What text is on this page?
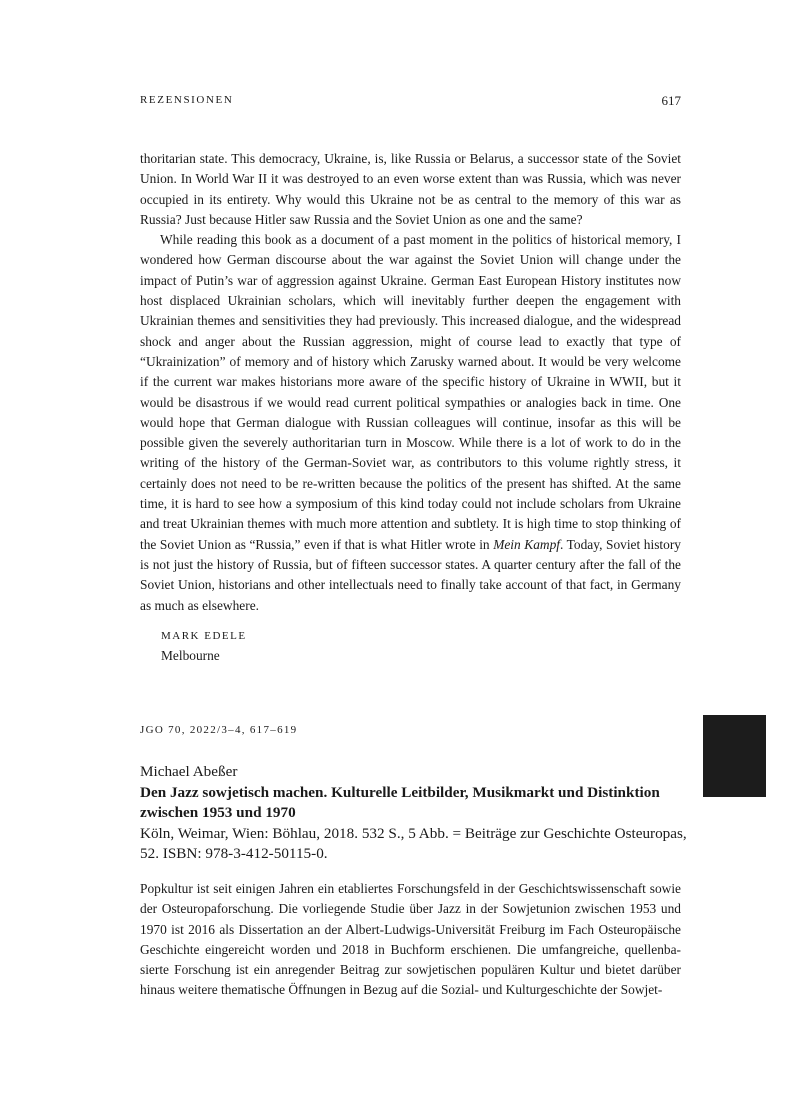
REZENSIONEN	617

thoritarian state. This democracy, Ukraine, is, like Russia or Belarus, a successor state of the Soviet Union. In World War II it was destroyed to an even worse extent than was Russia, which was never occupied in its entirety. Why would this Ukraine not be as central to the memory of this war as Russia? Just because Hitler saw Russia and the Soviet Union as one and the same?

While reading this book as a document of a past moment in the politics of historical memory, I wondered how German discourse about the war against the Soviet Union will change under the impact of Putin’s war of aggression against Ukraine. German East European History institutes now host displaced Ukrainian scholars, which will inevitably further deepen the engagement with Ukrainian themes and sensitivities they had previously. This increased dialogue, and the widespread shock and anger about the Russian aggression, might of course lead to exactly that type of “Ukrainization” of memory and of history which Zarusky warned about. It would be very welcome if the current war makes historians more aware of the specific history of Ukraine in WWII, but it would be disastrous if we would read current political sympathies or analogies back in time. One would hope that German dialogue with Russian colleagues will continue, insofar as this will be possible given the severely authoritarian turn in Moscow. While there is a lot of work to do in the writing of the history of the German-Soviet war, as contributors to this volume rightly stress, it certainly does not need to be re-written because the politics of the present has shifted. At the same time, it is hard to see how a symposium of this kind today could not include scholars from Ukraine and treat Ukrainian themes with much more attention and subtlety. It is high time to stop thinking of the Soviet Union as “Russia,” even if that is what Hitler wrote in Mein Kampf. Today, Soviet history is not just the history of Russia, but of fifteen successor states. A quarter century after the fall of the Soviet Union, historians and other intellectuals need to finally take account of that fact, in Germany as much as elsewhere.

MARK EDELE
Melbourne
JGO 70, 2022/3–4, 617–619
Michael Abeßer
Den Jazz sowjetisch machen. Kulturelle Leitbilder, Musikmarkt und Distinktion zwischen 1953 und 1970
Köln, Weimar, Wien: Böhlau, 2018. 532 S., 5 Abb. = Beiträge zur Geschichte Osteuropas, 52. ISBN: 978-3-412-50115-0.

Popkultur ist seit einigen Jahren ein etabliertes Forschungsfeld in der Geschichtswissenschaft sowie der Osteuropaforschung. Die vorliegende Studie über Jazz in der Sowjetunion zwischen 1953 und 1970 ist 2016 als Dissertation an der Albert-Ludwigs-Universität Freiburg im Fach Osteuropäische Geschichte eingereicht worden und 2018 in Buchform erschienen. Die umfangreiche, quellenbasierte Forschung ist ein anregender Beitrag zur sowjetischen populären Kultur und bietet darüber hinaus weitere thematische Öffnungen in Bezug auf die Sozial- und Kulturgeschichte der Sowjet-
